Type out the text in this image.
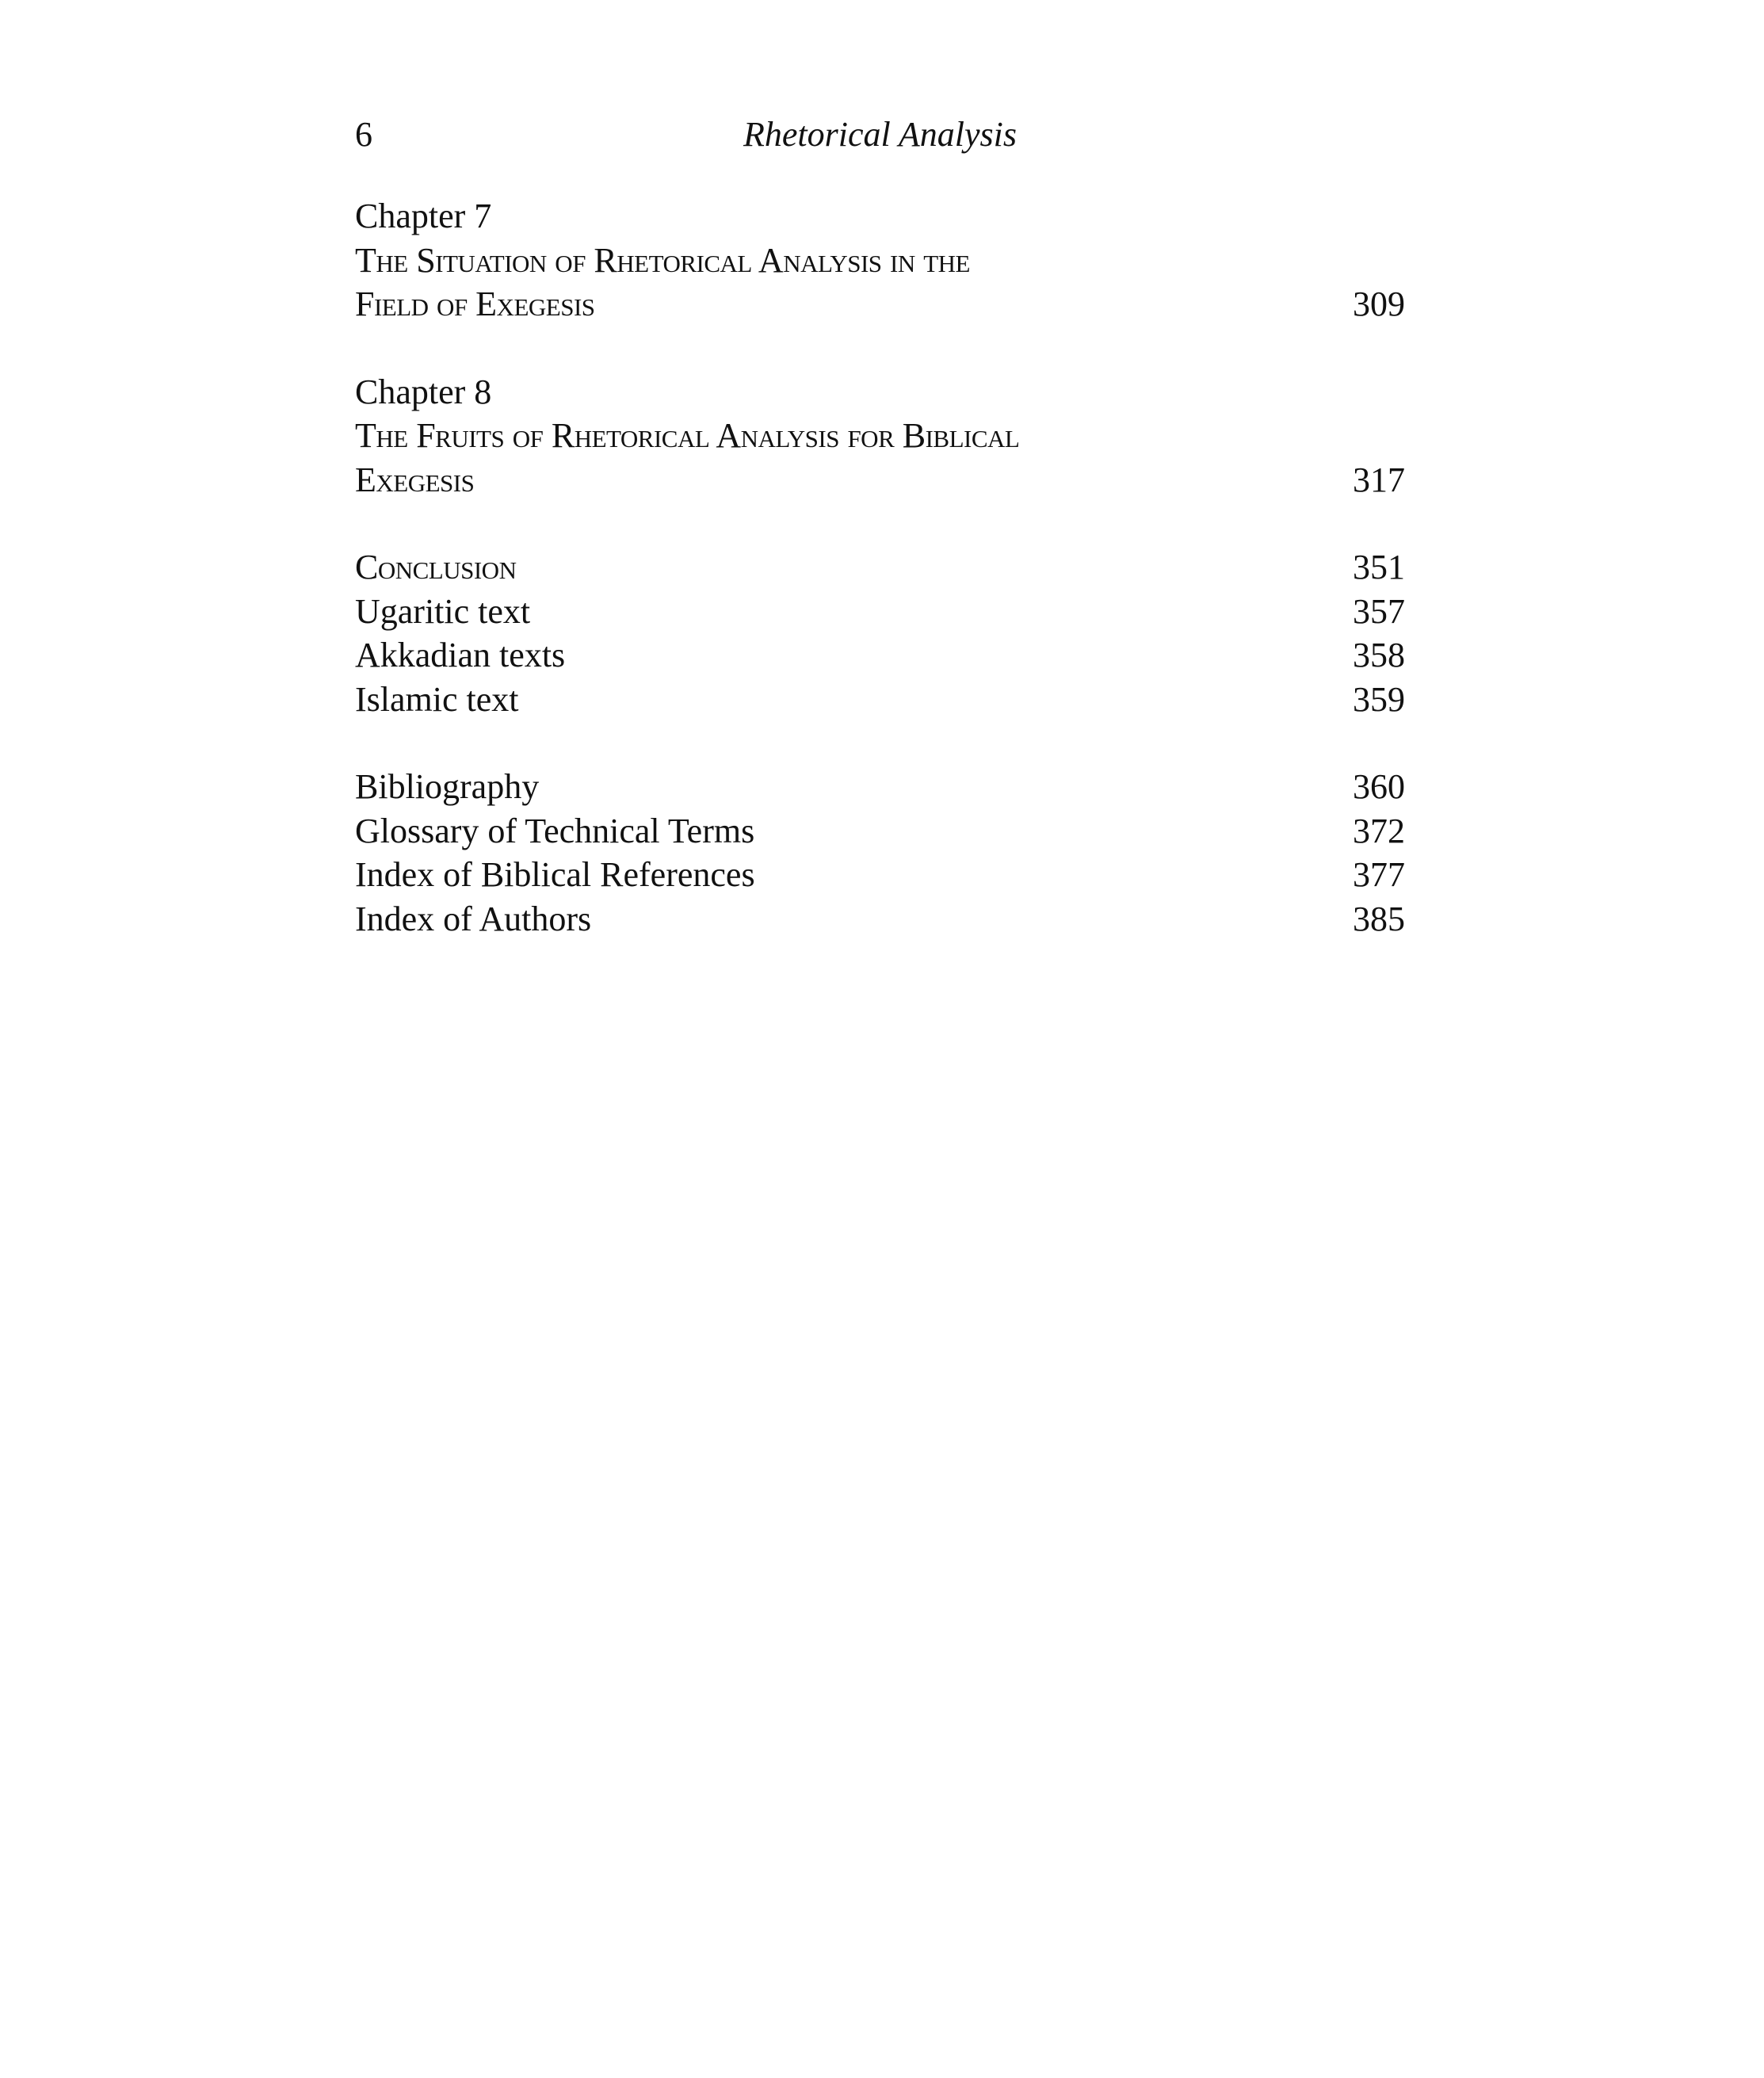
6	Rhetorical Analysis
Chapter 7
The Situation of Rhetorical Analysis in the
Field of Exegesis	309
Chapter 8
The Fruits of Rhetorical Analysis for Biblical
Exegesis	317
Conclusion	351
Ugaritic text	357
Akkadian texts	358
Islamic text	359
Bibliography	360
Glossary of Technical Terms	372
Index of Biblical References	377
Index of Authors	385
